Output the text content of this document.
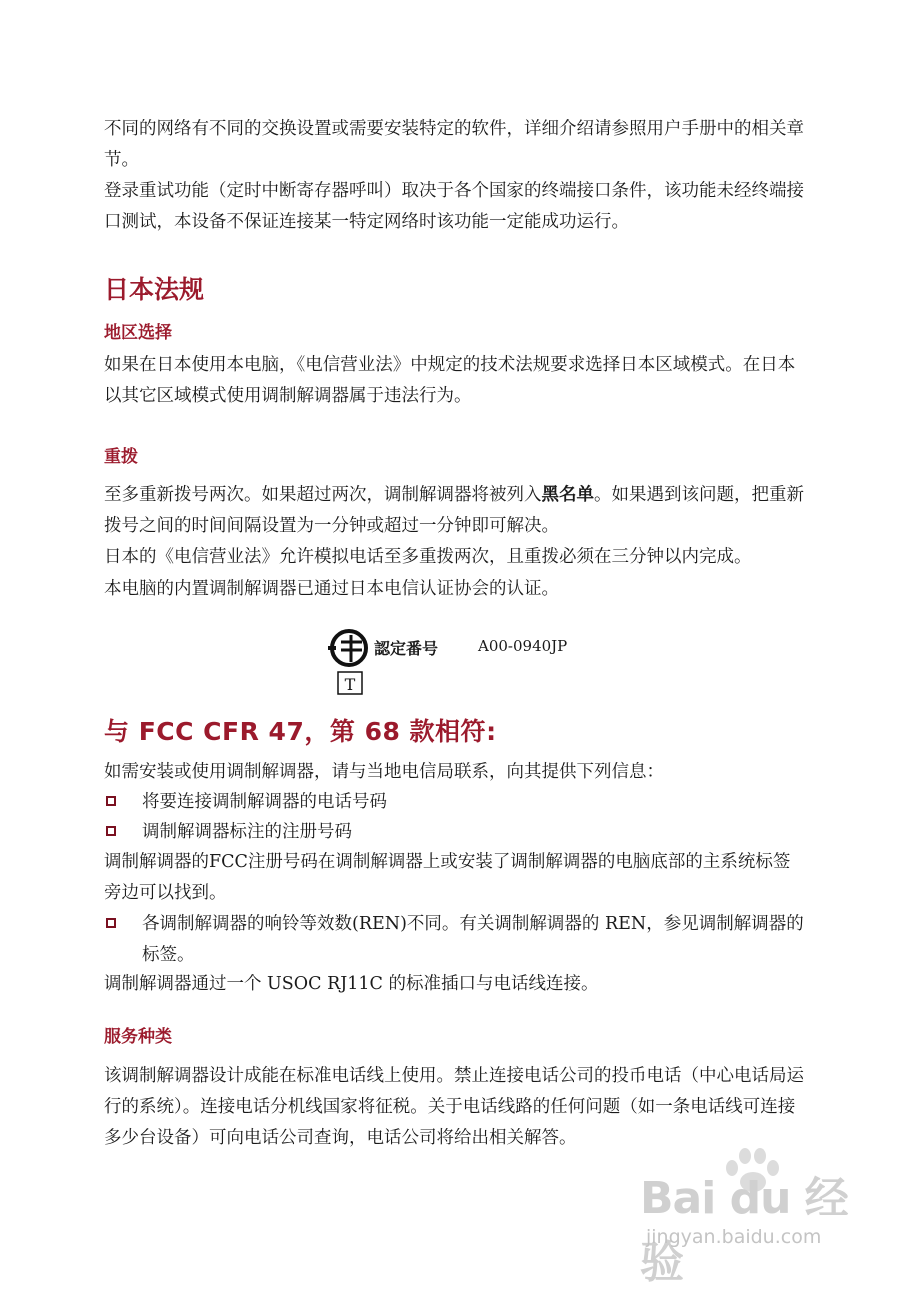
不同的网络有不同的交换设置或需要安装特定的软件，详细介绍请参照用户手册中的相关章节。

登录重试功能（定时中断寄存器呼叫）取决于各个国家的终端接口条件，该功能未经终端接口测试，本设备不保证连接某一特定网络时该功能一定能成功运行。

日本法规
地区选择

如果在日本使用本电脑，《电信营业法》中规定的技术法规要求选择日本区域模式。在日本以其它区域模式使用调制解调器属于违法行为。

重拨

至多重新拨号两次。如果超过两次，调制解调器将被列入黑名单。如果遇到该问题，把重新拨号之间的时间间隔设置为一分钟或超过一分钟即可解决。

日本的《电信营业法》允许模拟电话至多重拨两次，且重拨必须在三分钟以内完成。

本电脑的内置调制解调器已通过日本电信认证协会的认证。

T
認定番号	A00-0940JP
与 FCC CFR 47，第 68 款相符:

如需安装或使用调制解调器，请与当地电信局联系，向其提供下列信息：

将要连接调制解调器的电话号码
调制解调器标注的注册号码

调制解调器的FCC注册号码在调制解调器上或安装了调制解调器的电脑底部的主系统标签旁边可以找到。

各调制解调器的响铃等效数(REN)不同。有关调制解调器的 REN，参见调制解调器的标签。

调制解调器通过一个 USOC RJ11C 的标准插口与电话线连接。

服务种类

该调制解调器设计成能在标准电话线上使用。禁止连接电话公司的投币电话（中心电话局运行的系统）。连接电话分机线国家将征税。关于电话线路的任何问题（如一条电话线可连接多少台设备）可向电话公司查询，电话公司将给出相关解答。

Bai du 经验
jingyan.baidu.com
